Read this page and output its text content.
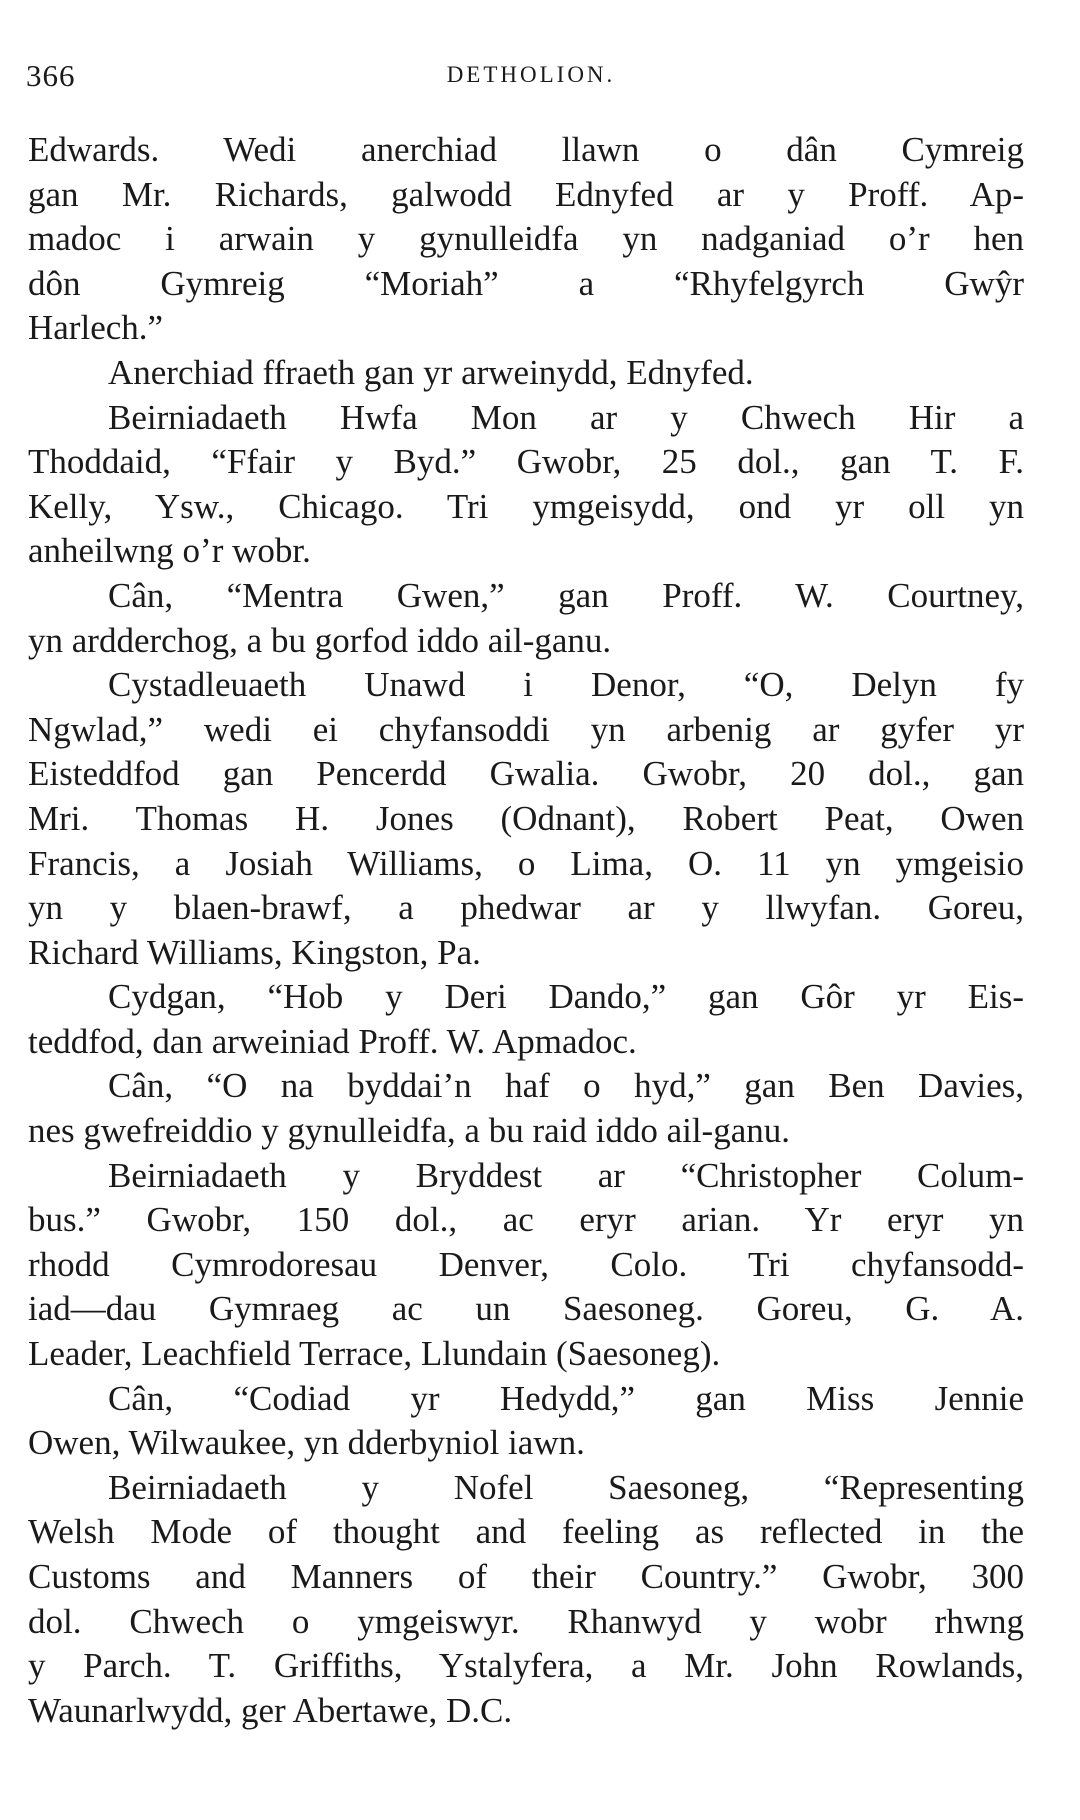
366	DETHOLION.
Edwards. Wedi anerchiad llawn o dân Cymreig
gan Mr. Richards, galwodd Ednyfed ar y Proff. Ap-
madoc i arwain y gynulleidfa yn nadganiad o’r hen
dôn Gymreig “Moriah” a “Rhyfelgyrch Gwŷr
Harlech.”
Anerchiad ffraeth gan yr arweinydd, Ednyfed.
Beirniadaeth Hwfa Mon ar y Chwech Hir a
Thoddaid, “Ffair y Byd.” Gwobr, 25 dol., gan T. F.
Kelly, Ysw., Chicago. Tri ymgeisydd, ond yr oll yn
anheilwng o’r wobr.
Cân, “Mentra Gwen,” gan Proff. W. Courtney,
yn ardderchog, a bu gorfod iddo ail-ganu.
Cystadleuaeth Unawd i Denor, “O, Delyn fy
Ngwlad,” wedi ei chyfansoddi yn arbenig ar gyfer yr
Eisteddfod gan Pencerdd Gwalia. Gwobr, 20 dol., gan
Mri. Thomas H. Jones (Odnant), Robert Peat, Owen
Francis, a Josiah Williams, o Lima, O. 11 yn ymgeisio
yn y blaen-brawf, a phedwar ar y llwyfan. Goreu,
Richard Williams, Kingston, Pa.
Cydgan, “Hob y Deri Dando,” gan Gôr yr Eis-
teddfod, dan arweiniad Proff. W. Apmadoc.
Cân, “O na byddai’n haf o hyd,” gan Ben Davies,
nes gwefreiddio y gynulleidfa, a bu raid iddo ail-ganu.
Beirniadaeth y Bryddest ar “Christopher Colum-
bus.” Gwobr, 150 dol., ac eryr arian. Yr eryr yn
rhodd Cymrodoresau Denver, Colo. Tri chyfansodd-
iad—dau Gymraeg ac un Saesoneg. Goreu, G. A.
Leader, Leachfield Terrace, Llundain (Saesoneg).
Cân, “Codiad yr Hedydd,” gan Miss Jennie
Owen, Wilwaukee, yn dderbyniol iawn.
Beirniadaeth y Nofel Saesoneg, “Representing
Welsh Mode of thought and feeling as reflected in the
Customs and Manners of their Country.” Gwobr, 300
dol. Chwech o ymgeiswyr. Rhanwyd y wobr rhwng
y Parch. T. Griffiths, Ystalyfera, a Mr. John Rowlands,
Waunarlwydd, ger Abertawe, D.C.
